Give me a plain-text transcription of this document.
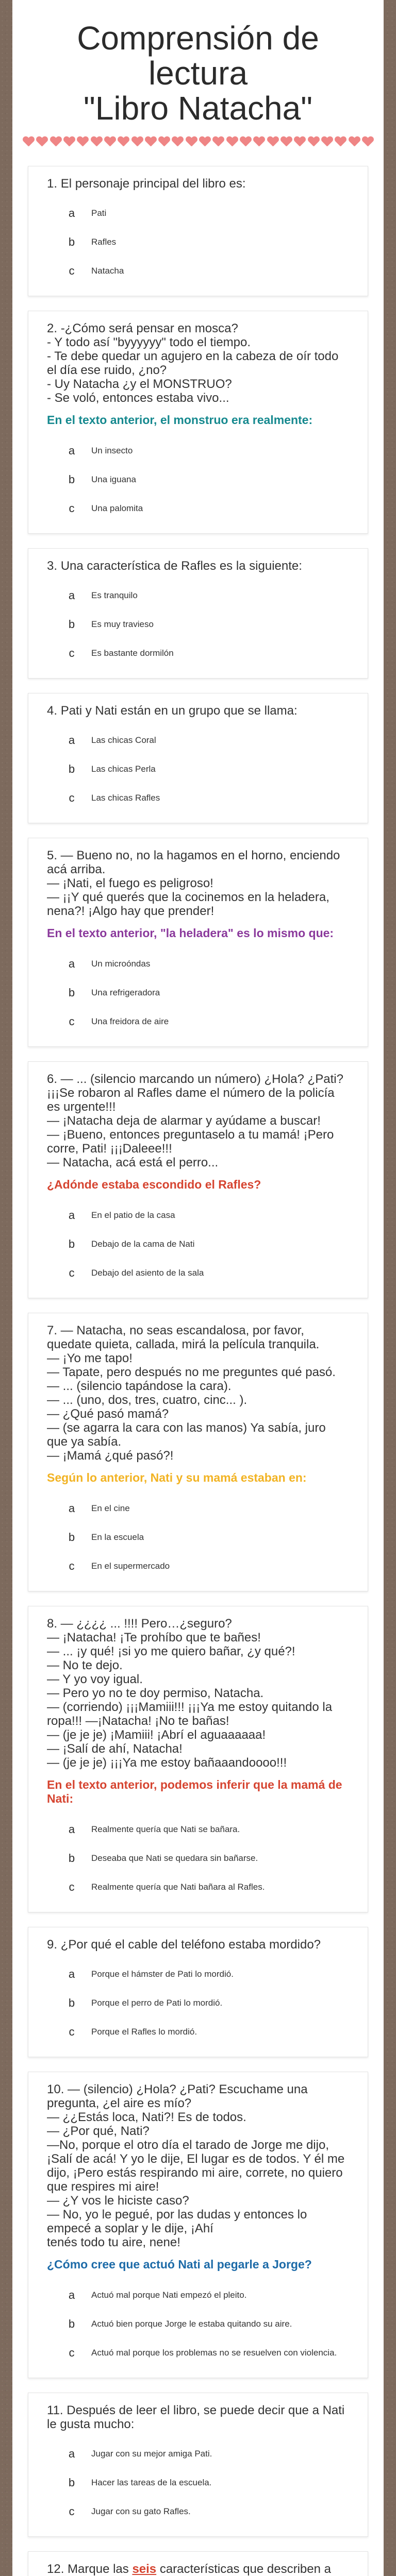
Comprensión de lectura
"Libro Natacha"
1. El personaje principal del libro es:
a	Pati
b	Rafles
c	Natacha
2. -¿Cómo será pensar en mosca?
- Y todo así "byyyyyy" todo el tiempo.
- Te debe quedar un agujero en la cabeza de oír todo el día ese ruido, ¿no?
- Uy Natacha ¿y el MONSTRUO?
- Se voló, entonces estaba vivo...
En el texto anterior, el monstruo era realmente:
a	Un insecto
b	Una iguana
c	Una palomita
3. Una característica de Rafles es la siguiente:
a	Es tranquilo
b	Es muy travieso
c	Es bastante dormilón
4. Pati y Nati están en un grupo que se llama:
a	Las chicas Coral
b	Las chicas Perla
c	Las chicas Rafles
5. — Bueno no, no la hagamos en el horno, enciendo acá arriba.
— ¡Nati, el fuego es peligroso!
— ¡¡Y qué querés que la cocinemos en la heladera, nena?! ¡Algo hay que prender!
En el texto anterior, "la heladera" es lo mismo que:
a	Un microóndas
b	Una refrigeradora
c	Una freidora de aire
6. — ... (silencio marcando un número) ¿Hola? ¿Pati? ¡¡¡Se robaron al Rafles dame el número de la policía es urgente!!!
— ¡Natacha deja de alarmar y ayúdame a buscar!
— ¡Bueno, entonces preguntaselo a tu mamá! ¡Pero corre, Pati! ¡¡¡Daleee!!!
— Natacha, acá está el perro...
¿Adónde estaba escondido el Rafles?
a	En el patio de la casa
b	Debajo de la cama de Nati
c	Debajo del asiento de la sala
7. — Natacha, no seas escandalosa, por favor, quedate quieta, callada, mirá la película tranquila.
— ¡Yo me tapo!
— Tapate, pero después no me preguntes qué pasó.
— ... (silencio tapándose la cara).
— ... (uno, dos, tres, cuatro, cinc... ).
— ¿Qué pasó mamá?
— (se agarra la cara con las manos) Ya sabía, juro que ya sabía.
— ¡Mamá ¿qué pasó?!
Según lo anterior, Nati y su mamá estaban en:
a	En el cine
b	En la escuela
c	En el supermercado
8. — ¿¿¿¿ ... !!!! Pero…¿seguro?
— ¡Natacha! ¡Te prohíbo que te bañes!
— ... ¡y qué! ¡si yo me quiero bañar, ¿y qué?!
— No te dejo.
— Y yo voy igual.
— Pero yo no te doy permiso, Natacha.
— (corriendo) ¡¡¡Mamiii!!! ¡¡¡Ya me estoy quitando la ropa!!! —¡Natacha! ¡No te bañas!
— (je je je) ¡Mamiii! ¡Abrí el aguaaaaaa!
— ¡Salí de ahí, Natacha!
— (je je je) ¡¡¡Ya me estoy bañaaandoooo!!!
En el texto anterior, podemos inferir que la mamá de Nati:
a	Realmente quería que Nati se bañara.
b	Deseaba que Nati se quedara sin bañarse.
c	Realmente quería que Nati bañara al Rafles.
9. ¿Por qué el cable del teléfono estaba mordido?
a	Porque el hámster de Pati lo mordió.
b	Porque el perro de Pati lo mordió.
c	Porque el Rafles lo mordió.
10. — (silencio) ¿Hola? ¿Pati? Escuchame una pregunta, ¿el aire es mío?
— ¿¿Estás loca, Nati?! Es de todos.
— ¿Por qué, Nati?
—No, porque el otro día el tarado de Jorge me dijo, ¡Salí de acá! Y yo le dije, El lugar es de todos. Y él me dijo, ¡Pero estás respirando mi aire, correte, no quiero que respires mi aire!
— ¿Y vos le hiciste caso?
— No, yo le pegué, por las dudas y entonces lo empecé a soplar y le dije, ¡Ahí
tenés todo tu aire, nene!
¿Cómo cree que actuó Nati al pegarle a Jorge?
a	Actuó mal porque Nati empezó el pleito.
b	Actuó bien porque Jorge le estaba quitando su aire.
c	Actuó mal porque los problemas no se resuelven con violencia.
11. Después de leer el libro, se puede decir que a Nati le gusta mucho:
a	Jugar con su mejor amiga Pati.
b	Hacer las tareas de la escuela.
c	Jugar con su gato Rafles.
12. Marque las seis características que describen a
